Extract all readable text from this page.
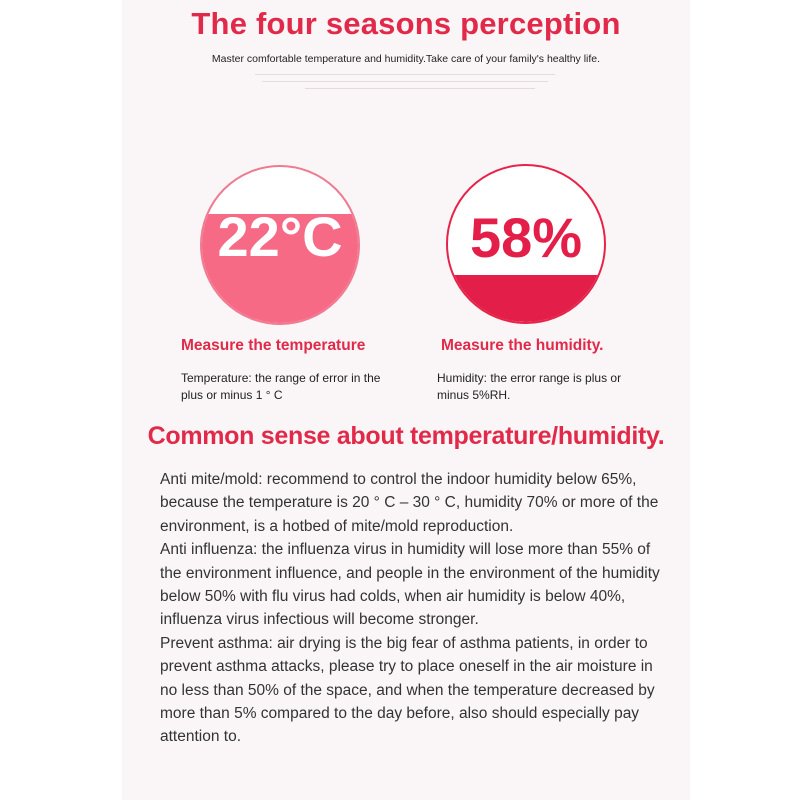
The four seasons perception
Master comfortable temperature and humidity.Take care of your family's healthy life.
22°C	58%
Measure the temperature	Measure the humidity.
Temperature: the range of error in the plus or minus 1 ° C
Humidity: the error range is plus or minus 5%RH.
Common sense about temperature/humidity.

Anti mite/mold: recommend to control the indoor humidity below 65%, because the temperature is 20 ° C – 30 ° C, humidity 70% or more of the environment, is a hotbed of mite/mold reproduction.

Anti influenza: the influenza virus in humidity will lose more than 55% of the environment influence, and people in the environment of the humidity below 50% with flu virus had colds, when air humidity is below 40%, influenza virus infectious will become stronger.

Prevent asthma: air drying is the big fear of asthma patients, in order to prevent asthma attacks, please try to place oneself in the air moisture in no less than 50% of the space, and when the temperature decreased by more than 5% compared to the day before, also should especially pay attention to.
